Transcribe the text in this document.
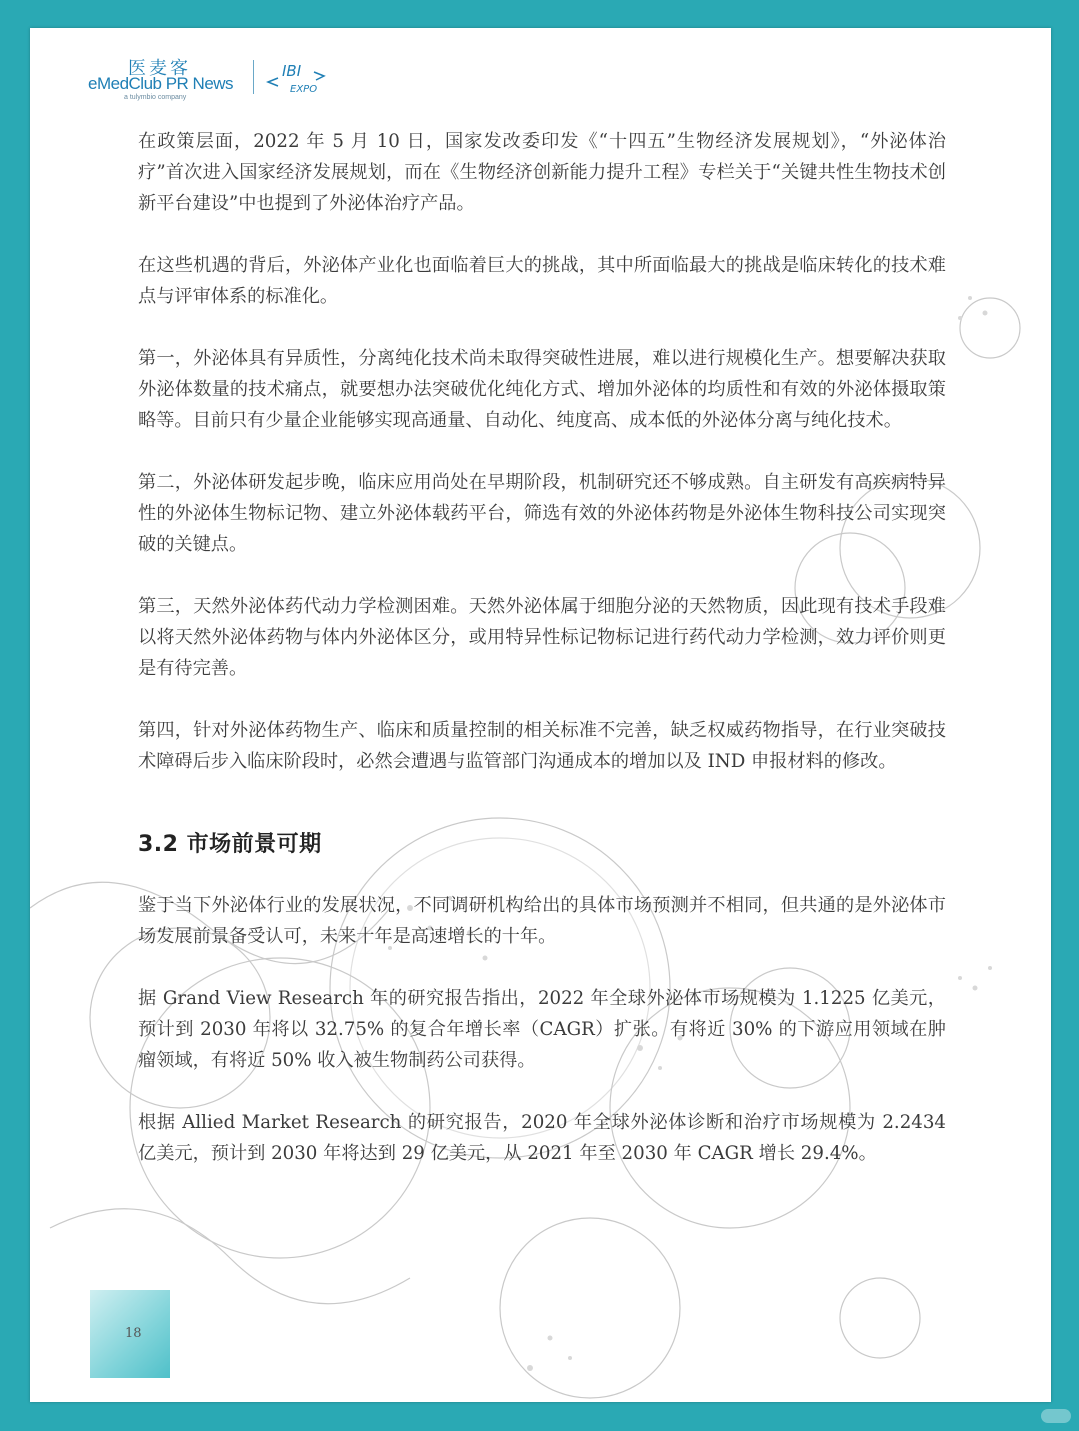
医麦客
eMedClub PR News
a tulymbio company
IBI
EXPO

在政策层面，2022 年 5 月 10 日，国家发改委印发《“十四五”生物经济发展规划》，“外泌体治疗”首次进入国家经济发展规划，而在《生物经济创新能力提升工程》专栏关于“关键共性生物技术创新平台建设”中也提到了外泌体治疗产品。

在这些机遇的背后，外泌体产业化也面临着巨大的挑战，其中所面临最大的挑战是临床转化的技术难点与评审体系的标准化。

第一，外泌体具有异质性，分离纯化技术尚未取得突破性进展，难以进行规模化生产。想要解决获取外泌体数量的技术痛点，就要想办法突破优化纯化方式、增加外泌体的均质性和有效的外泌体摄取策略等。目前只有少量企业能够实现高通量、自动化、纯度高、成本低的外泌体分离与纯化技术。

第二，外泌体研发起步晚，临床应用尚处在早期阶段，机制研究还不够成熟。自主研发有高疾病特异性的外泌体生物标记物、建立外泌体载药平台，筛选有效的外泌体药物是外泌体生物科技公司实现突破的关键点。

第三，天然外泌体药代动力学检测困难。天然外泌体属于细胞分泌的天然物质，因此现有技术手段难以将天然外泌体药物与体内外泌体区分，或用特异性标记物标记进行药代动力学检测，效力评价则更是有待完善。

第四，针对外泌体药物生产、临床和质量控制的相关标准不完善，缺乏权威药物指导，在行业突破技术障碍后步入临床阶段时，必然会遭遇与监管部门沟通成本的增加以及 IND 申报材料的修改。

3.2 市场前景可期

鉴于当下外泌体行业的发展状况，不同调研机构给出的具体市场预测并不相同，但共通的是外泌体市场发展前景备受认可，未来十年是高速增长的十年。

据 Grand View Research 年的研究报告指出，2022 年全球外泌体市场规模为 1.1225 亿美元，预计到 2030 年将以 32.75% 的复合年增长率（CAGR）扩张。有将近 30% 的下游应用领域在肿瘤领域，有将近 50% 收入被生物制药公司获得。

根据 Allied Market Research 的研究报告，2020 年全球外泌体诊断和治疗市场规模为 2.2434 亿美元，预计到 2030 年将达到 29 亿美元，从 2021 年至 2030 年 CAGR 增长 29.4%。

18
